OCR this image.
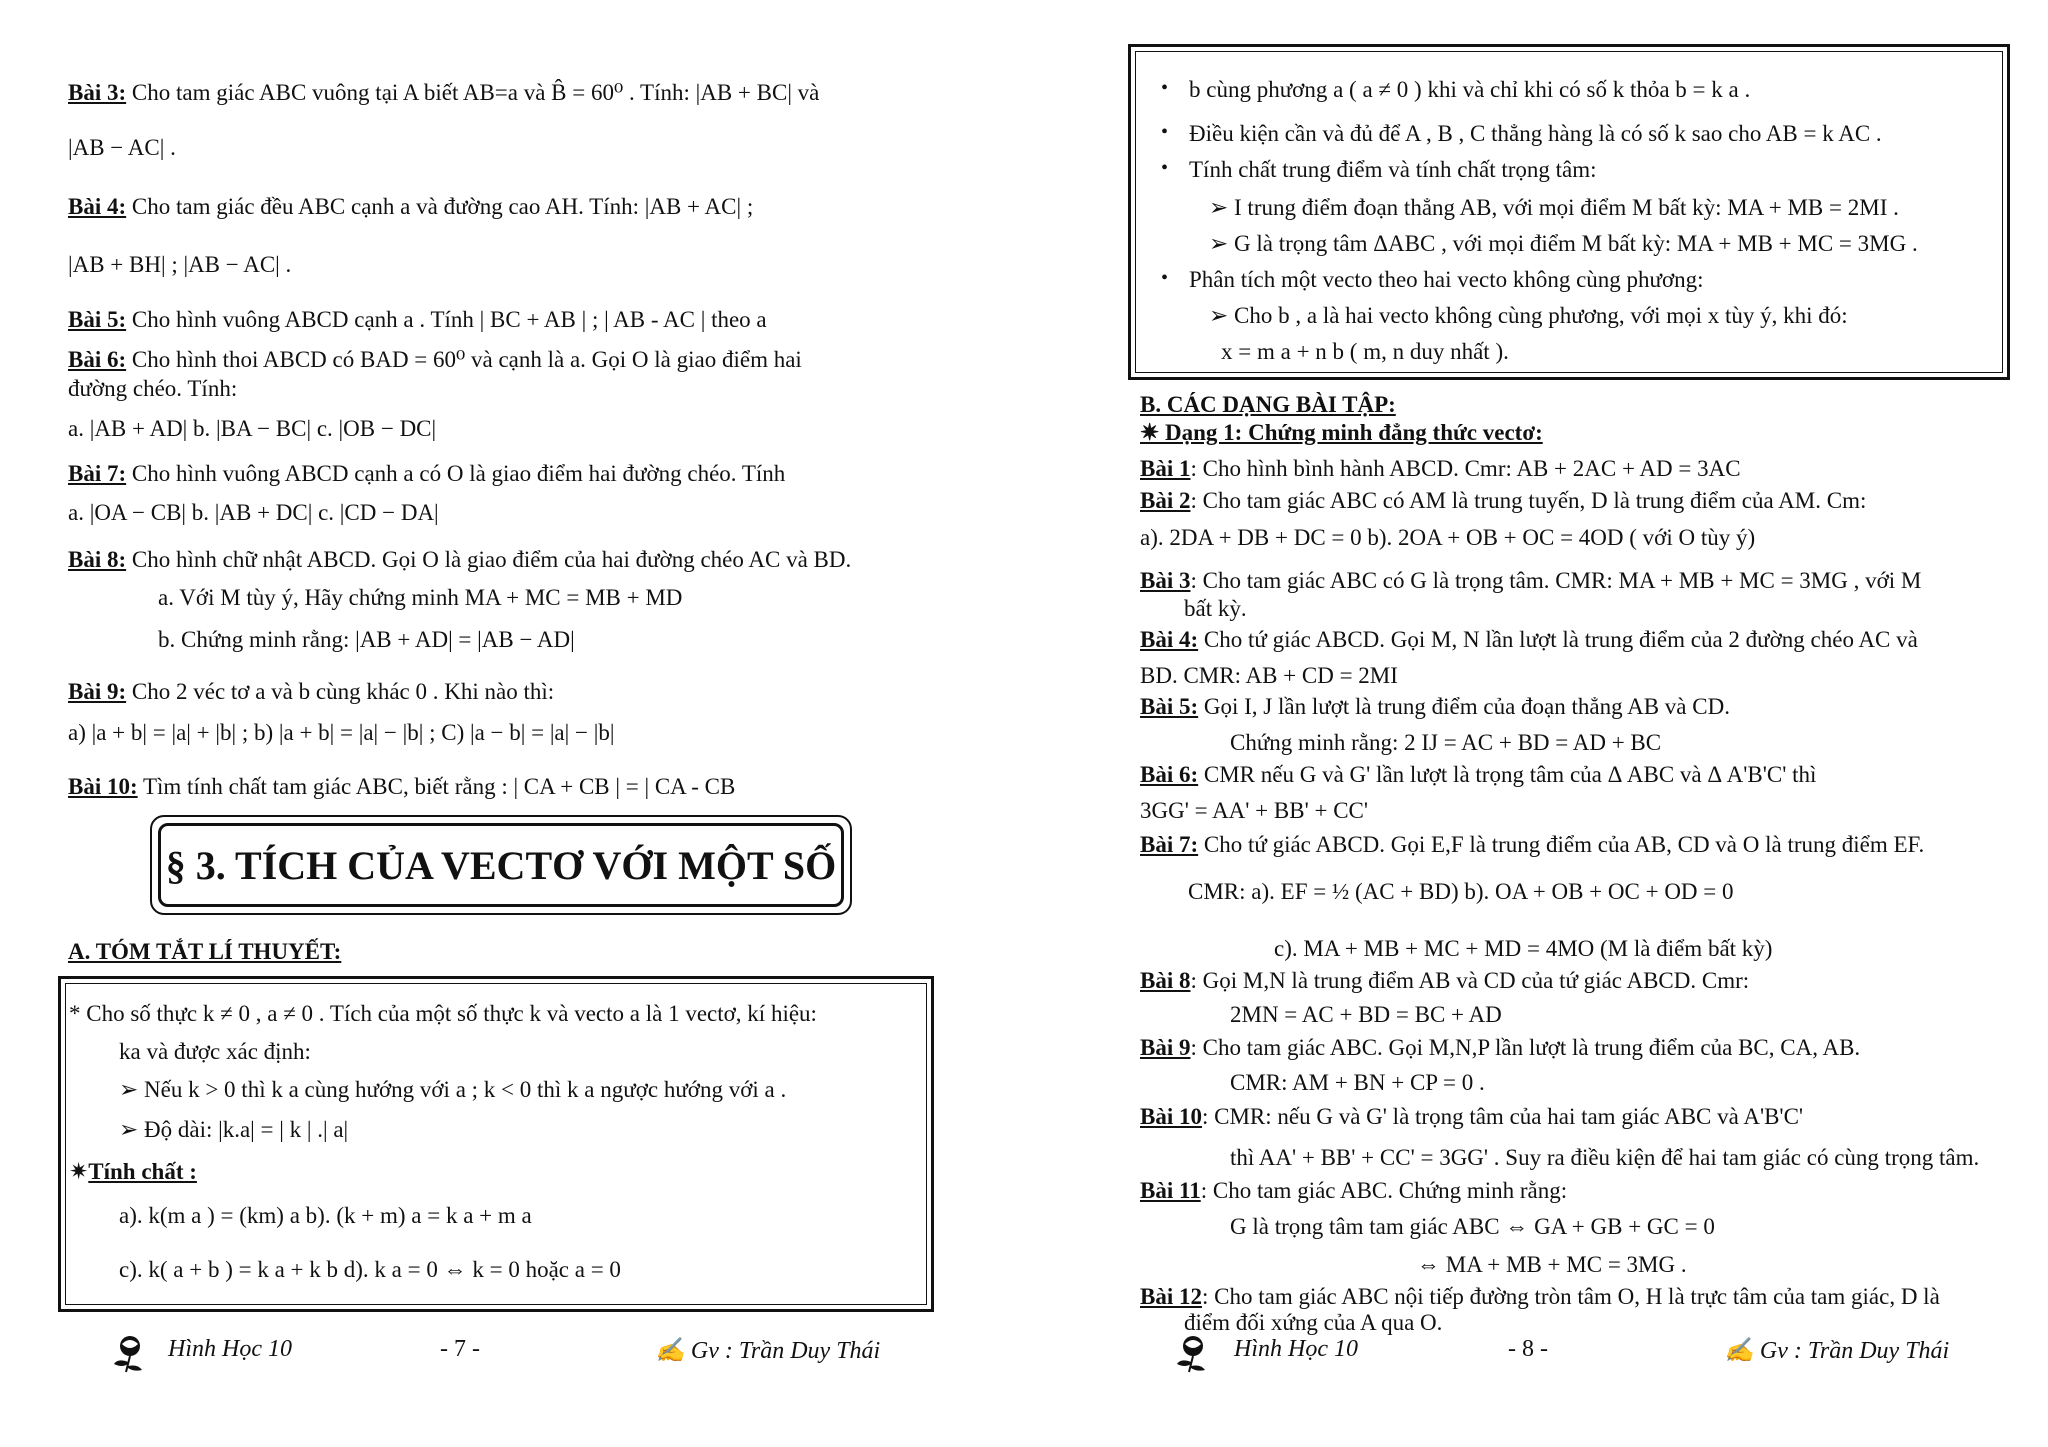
Bài 3: Cho tam giác ABC vuông tại A biết AB=a và B̂ = 60⁰ . Tính: |AB + BC| và
|AB − AC| .
Bài 4: Cho tam giác đều ABC cạnh a và đường cao AH. Tính: |AB + AC| ;
|AB + BH| ; |AB − AC| .
Bài 5: Cho hình vuông ABCD cạnh a . Tính | BC + AB | ; | AB - AC | theo a
Bài 6: Cho hình thoi ABCD có BAD = 60⁰ và cạnh là a. Gọi O là giao điểm hai
đường chéo. Tính:
a. |AB + AD| b. |BA − BC| c. |OB − DC|
Bài 7: Cho hình vuông ABCD cạnh a có O là giao điểm hai đường chéo. Tính
a. |OA − CB| b. |AB + DC| c. |CD − DA|
Bài 8: Cho hình chữ nhật ABCD. Gọi O là giao điểm của hai đường chéo AC và BD.
a. Với M tùy ý, Hãy chứng minh MA + MC = MB + MD
b. Chứng minh rằng: |AB + AD| = |AB − AD|
Bài 9: Cho 2 véc tơ a và b cùng khác 0 . Khi nào thì:
a) |a + b| = |a| + |b| ; b) |a + b| = |a| − |b| ; C) |a − b| = |a| − |b|
Bài 10: Tìm tính chất tam giác ABC, biết rằng : | CA + CB | = | CA - CB
§ 3. TÍCH CỦA VECTƠ VỚI MỘT SỐ
A. TÓM TẮT LÍ THUYẾT:
* Cho số thực k ≠ 0 , a ≠ 0 . Tích của một số thực k và vecto a là 1 vectơ, kí hiệu:
ka và được xác định:
➢ Nếu k > 0 thì k a cùng hướng với a ; k < 0 thì k a ngược hướng với a .
➢ Độ dài: |k.a| = | k | .| a|
✷Tính chất :
a). k(m a ) = (km) a b). (k + m) a = k a + m a
c). k( a + b ) = k a + k b d). k a = 0 ⇔ k = 0 hoặc a = 0
Hình Học 10	- 7 -	✍ Gv : Trần Duy Thái
• b cùng phương a ( a ≠ 0 ) khi và chỉ khi có số k thỏa b = k a .
• Điều kiện cần và đủ để A , B , C thẳng hàng là có số k sao cho AB = k AC .
• Tính chất trung điểm và tính chất trọng tâm:
➢ I trung điểm đoạn thẳng AB, với mọi điểm M bất kỳ: MA + MB = 2MI .
➢ G là trọng tâm ΔABC , với mọi điểm M bất kỳ: MA + MB + MC = 3MG .
• Phân tích một vecto theo hai vecto không cùng phương:
➢ Cho b , a là hai vecto không cùng phương, với mọi x tùy ý, khi đó:
x = m a + n b ( m, n duy nhất ).
B. CÁC DẠNG BÀI TẬP:
✷ Dạng 1: Chứng minh đẳng thức vectơ:
Bài 1: Cho hình bình hành ABCD. Cmr: AB + 2AC + AD = 3AC
Bài 2: Cho tam giác ABC có AM là trung tuyến, D là trung điểm của AM. Cm:
a). 2DA + DB + DC = 0 b). 2OA + OB + OC = 4OD ( với O tùy ý)
Bài 3: Cho tam giác ABC có G là trọng tâm. CMR: MA + MB + MC = 3MG , với M
bất kỳ.
Bài 4: Cho tứ giác ABCD. Gọi M, N lần lượt là trung điểm của 2 đường chéo AC và
BD. CMR: AB + CD = 2MI
Bài 5: Gọi I, J lần lượt là trung điểm của đoạn thẳng AB và CD.
Chứng minh rằng: 2 IJ = AC + BD = AD + BC
Bài 6: CMR nếu G và G' lần lượt là trọng tâm của Δ ABC và Δ A'B'C' thì
3GG' = AA' + BB' + CC'
Bài 7: Cho tứ giác ABCD. Gọi E,F là trung điểm của AB, CD và O là trung điểm EF.
CMR: a). EF = ½ (AC + BD) b). OA + OB + OC + OD = 0
c). MA + MB + MC + MD = 4MO (M là điểm bất kỳ)
Bài 8: Gọi M,N là trung điểm AB và CD của tứ giác ABCD. Cmr:
2MN = AC + BD = BC + AD
Bài 9: Cho tam giác ABC. Gọi M,N,P lần lượt là trung điểm của BC, CA, AB.
CMR: AM + BN + CP = 0 .
Bài 10: CMR: nếu G và G' là trọng tâm của hai tam giác ABC và A'B'C'
thì AA' + BB' + CC' = 3GG' . Suy ra điều kiện để hai tam giác có cùng trọng tâm.
Bài 11: Cho tam giác ABC. Chứng minh rằng:
G là trọng tâm tam giác ABC ⇔ GA + GB + GC = 0
⇔ MA + MB + MC = 3MG .
Bài 12: Cho tam giác ABC nội tiếp đường tròn tâm O, H là trực tâm của tam giác, D là
điểm đối xứng của A qua O.
Hình Học 10	- 8 -	✍ Gv : Trần Duy Thái
